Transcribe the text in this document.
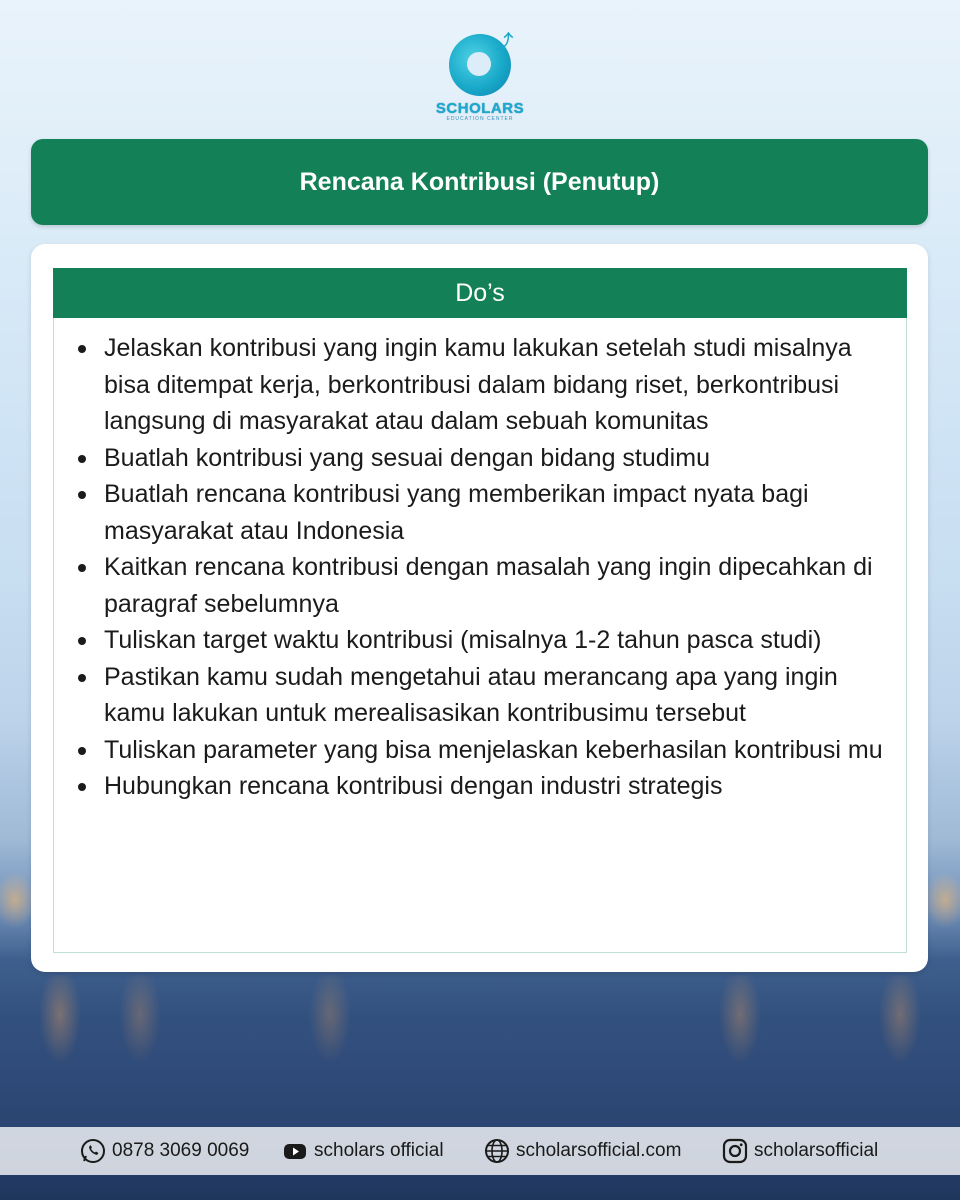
⤴
SCHOLARS
EDUCATION CENTER
Rencana Kontribusi (Penutup)
Do’s
Jelaskan kontribusi yang ingin kamu lakukan setelah studi misalnya bisa ditempat kerja, berkontribusi dalam bidang riset, berkontribusi langsung di masyarakat atau dalam sebuah komunitas
Buatlah kontribusi yang sesuai dengan bidang studimu
Buatlah rencana kontribusi yang memberikan impact nyata bagi masyarakat atau Indonesia
Kaitkan rencana kontribusi dengan masalah yang ingin dipecahkan di paragraf sebelumnya
Tuliskan target waktu kontribusi (misalnya 1-2 tahun pasca studi)
Pastikan kamu sudah mengetahui atau merancang apa yang ingin kamu lakukan untuk merealisasikan kontribusimu tersebut
Tuliskan parameter yang bisa menjelaskan keberhasilan kontribusi mu
Hubungkan rencana kontribusi dengan industri strategis
0878 3069 0069	scholars official	scholarsofficial.com	scholarsofficial
